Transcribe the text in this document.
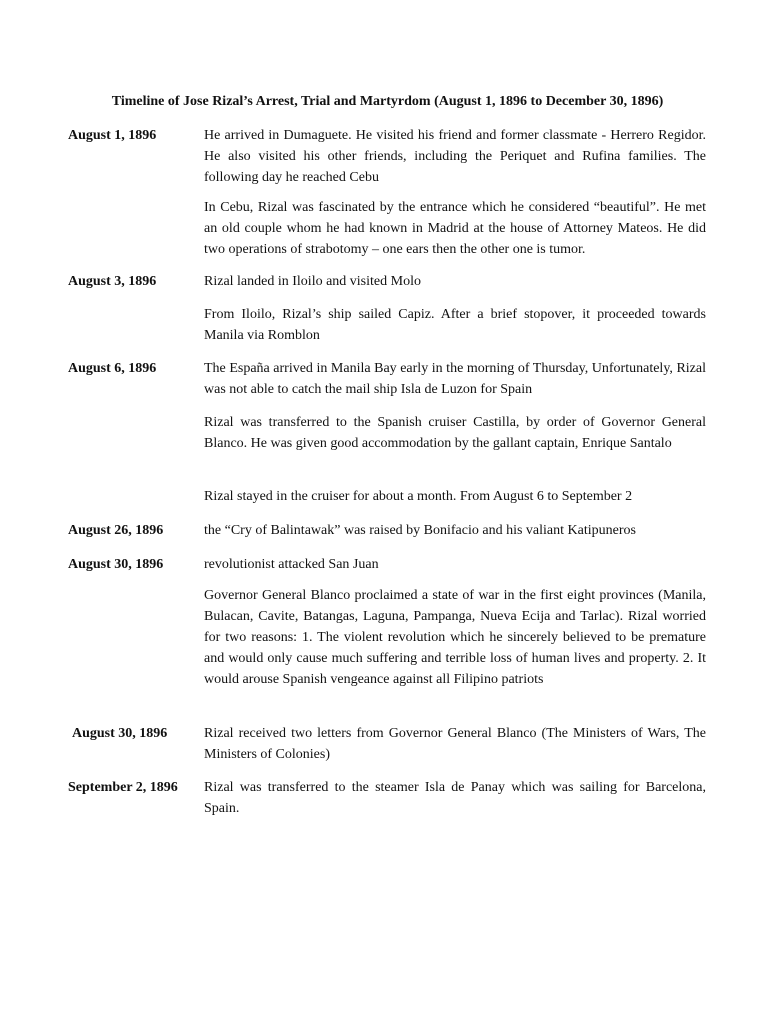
Timeline of Jose Rizal’s Arrest, Trial and Martyrdom (August 1, 1896 to December 30, 1896)
August 1, 1896	He arrived in Dumaguete. He visited his friend and former classmate - Herrero Regidor. He also visited his other friends, including the Periquet and Rufina families. The following day he reached Cebu
In Cebu, Rizal was fascinated by the entrance which he considered “beautiful”. He met an old couple whom he had known in Madrid at the house of Attorney Mateos. He did two operations of strabotomy – one ears then the other one is tumor.
August 3, 1896	Rizal landed in Iloilo and visited Molo
From Iloilo, Rizal’s ship sailed Capiz. After a brief stopover, it proceeded towards Manila via Romblon
August 6, 1896	The España arrived in Manila Bay early in the morning of Thursday, Unfortunately, Rizal was not able to catch the mail ship Isla de Luzon for Spain
Rizal was transferred to the Spanish cruiser Castilla, by order of Governor General Blanco. He was given good accommodation by the gallant captain, Enrique Santalo
Rizal stayed in the cruiser for about a month. From August 6 to September 2
August 26, 1896	the “Cry of Balintawak” was raised by Bonifacio and his valiant Katipuneros
August 30, 1896	revolutionist attacked San Juan
Governor General Blanco proclaimed a state of war in the first eight provinces (Manila, Bulacan, Cavite, Batangas, Laguna, Pampanga, Nueva Ecija and Tarlac). Rizal worried for two reasons: 1. The violent revolution which he sincerely believed to be premature and would only cause much suffering and terrible loss of human lives and property. 2. It would arouse Spanish vengeance against all Filipino patriots
August 30, 1896	Rizal received two letters from Governor General Blanco (The Ministers of Wars, The Ministers of Colonies)
September 2, 1896	Rizal was transferred to the steamer Isla de Panay which was sailing for Barcelona, Spain.
